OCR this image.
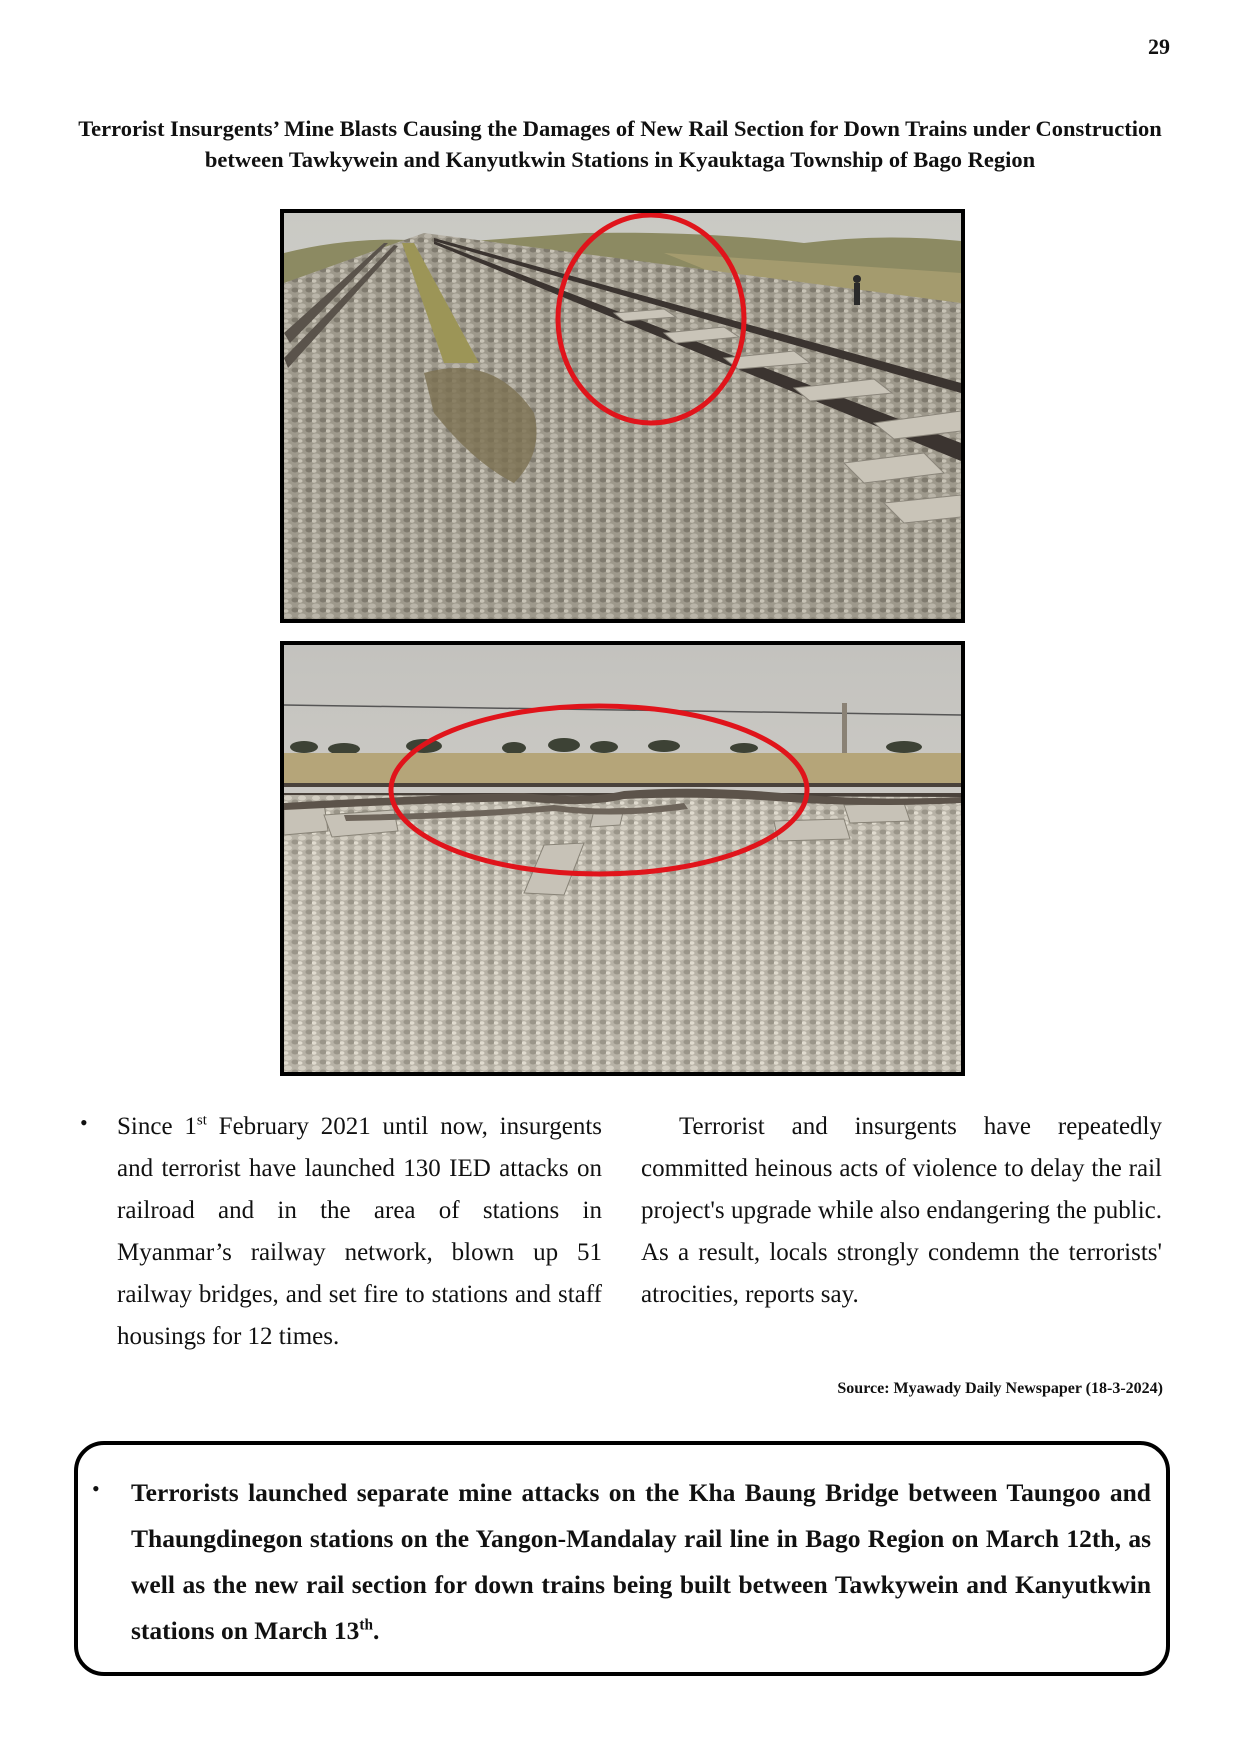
29
Terrorist Insurgents’ Mine Blasts Causing the Damages of New Rail Section for Down Trains under Construction between Tawkywein and Kanyutkwin Stations in Kyauktaga Township of Bago Region
• Since 1st February 2021 until now, insurgents and terrorist have launched 130 IED attacks on railroad and in the area of stations in Myanmar’s railway network, blown up 51 railway bridges, and set fire to stations and staff housings for 12 times.
Terrorist and insurgents have repeatedly committed heinous acts of violence to delay the rail project's upgrade while also endangering the public. As a result, locals strongly condemn the terrorists' atrocities, reports say.
Source: Myawady Daily Newspaper (18-3-2024)
• Terrorists launched separate mine attacks on the Kha Baung Bridge between Taungoo and Thaungdinegon stations on the Yangon-Mandalay rail line in Bago Region on March 12th, as well as the new rail section for down trains being built between Tawkywein and Kanyutkwin stations on March 13th.
